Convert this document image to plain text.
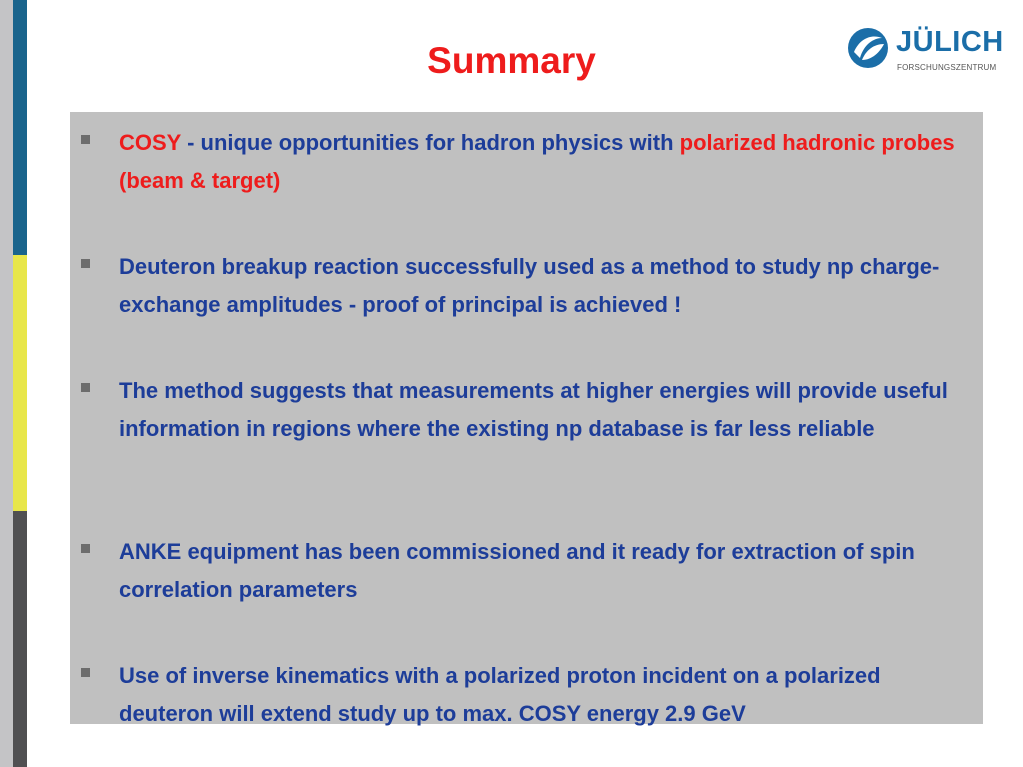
Summary	JÜLICH
FORSCHUNGSZENTRUM

COSY - unique opportunities for hadron physics with polarized hadronic probes (beam & target)

Deuteron breakup reaction successfully used as a method to study np charge-exchange amplitudes - proof of principal is achieved !

The method suggests that measurements at higher energies will provide useful information in regions where the existing np database is far less reliable

ANKE equipment has been commissioned and it ready for extraction of spin correlation parameters

Use of inverse kinematics with a polarized proton incident on a polarized deuteron will extend study up to max. COSY energy 2.9 GeV
